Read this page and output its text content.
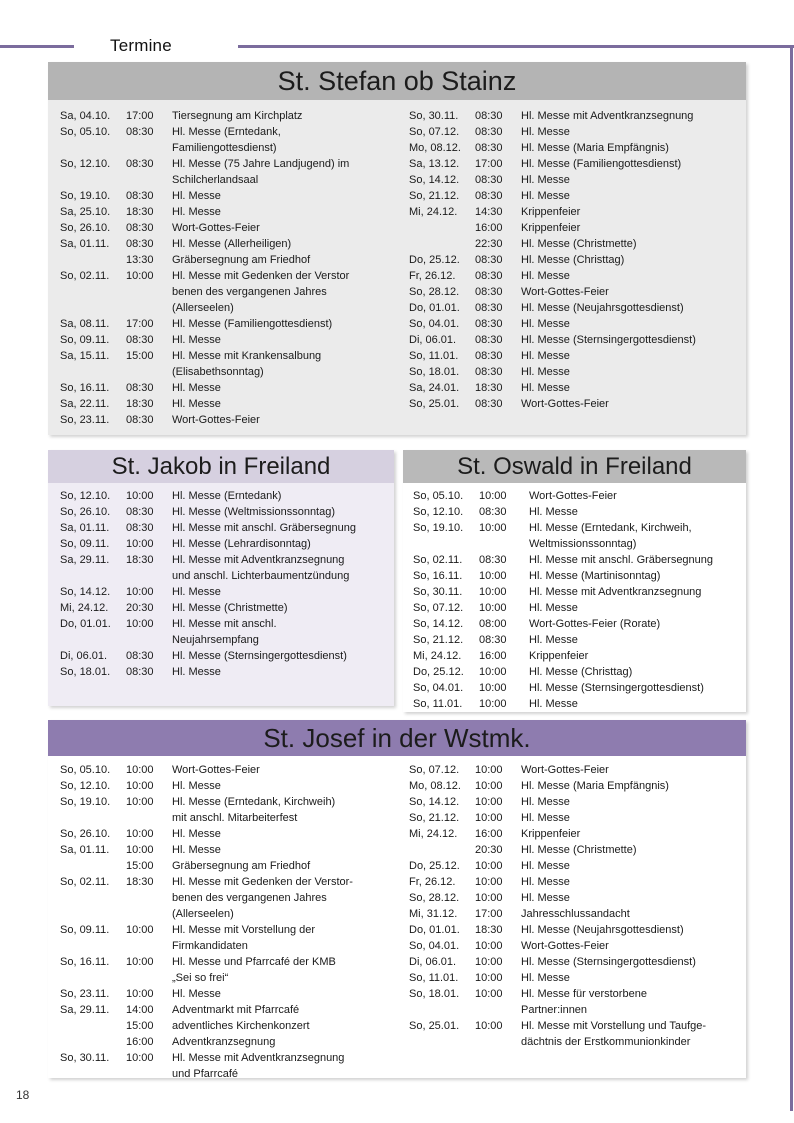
Termine
St. Stefan ob Stainz
Sa, 04.10.	17:00	Tiersegnung am Kirchplatz
So, 05.10.	08:30	Hl. Messe (Erntedank,
Familiengottesdienst)
So, 12.10.	08:30	Hl. Messe (75 Jahre Landjugend) im
Schilcherlandsaal
So, 19.10.	08:30	Hl. Messe
Sa, 25.10.	18:30	Hl. Messe
So, 26.10.	08:30	Wort-Gottes-Feier
Sa, 01.11.	08:30	Hl. Messe (Allerheiligen)
13:30	Gräbersegnung am Friedhof
So, 02.11.	10:00	Hl. Messe mit Gedenken der Verstor
benen des vergangenen Jahres
(Allerseelen)
Sa, 08.11.	17:00	Hl. Messe (Familiengottesdienst)
So, 09.11.	08:30	Hl. Messe
Sa, 15.11.	15:00	Hl. Messe mit Krankensalbung
(Elisabethsonntag)
So, 16.11.	08:30	Hl. Messe
Sa, 22.11.	18:30	Hl. Messe
So, 23.11.	08:30	Wort-Gottes-Feier
So, 30.11.	08:30	Hl. Messe mit Adventkranzsegnung
So, 07.12.	08:30	Hl. Messe
Mo, 08.12.	08:30	Hl. Messe (Maria Empfängnis)
Sa, 13.12.	17:00	Hl. Messe (Familiengottesdienst)
So, 14.12.	08:30	Hl. Messe
So, 21.12.	08:30	Hl. Messe
Mi, 24.12.	14:30	Krippenfeier
16:00	Krippenfeier
22:30	Hl. Messe (Christmette)
Do, 25.12.	08:30	Hl. Messe (Christtag)
Fr, 26.12.	08:30	Hl. Messe
So, 28.12.	08:30	Wort-Gottes-Feier
Do, 01.01.	08:30	Hl. Messe (Neujahrsgottesdienst)
So, 04.01.	08:30	Hl. Messe
Di, 06.01.	08:30	Hl. Messe (Sternsingergottesdienst)
So, 11.01.	08:30	Hl. Messe
So, 18.01.	08:30	Hl. Messe
Sa, 24.01.	18:30	Hl. Messe
So, 25.01.	08:30	Wort-Gottes-Feier
St. Jakob in Freiland
So, 12.10.	10:00	Hl. Messe (Erntedank)
So, 26.10.	08:30	Hl. Messe (Weltmissionssonntag)
Sa, 01.11.	08:30	Hl. Messe mit anschl. Gräbersegnung
So, 09.11.	10:00	Hl. Messe (Lehrardisonntag)
Sa, 29.11.	18:30	Hl. Messe mit Adventkranzsegnung
und anschl. Lichterbaumentzündung
So, 14.12.	10:00	Hl. Messe
Mi, 24.12.	20:30	Hl. Messe (Christmette)
Do, 01.01.	10:00	Hl. Messe mit anschl.
Neujahrsempfang
Di, 06.01.	08:30	Hl. Messe (Sternsingergottesdienst)
So, 18.01.	08:30	Hl. Messe
St. Oswald in Freiland
So, 05.10.	10:00	Wort-Gottes-Feier
So, 12.10.	08:30	Hl. Messe
So, 19.10.	10:00	Hl. Messe (Erntedank, Kirchweih,
Weltmissionssonntag)
So, 02.11.	08:30	Hl. Messe mit anschl. Gräbersegnung
So, 16.11.	10:00	Hl. Messe (Martinisonntag)
So, 30.11.	10:00	Hl. Messe mit Adventkranzsegnung
So, 07.12.	10:00	Hl. Messe
So, 14.12.	08:00	Wort-Gottes-Feier (Rorate)
So, 21.12.	08:30	Hl. Messe
Mi, 24.12.	16:00	Krippenfeier
Do, 25.12.	10:00	Hl. Messe (Christtag)
So, 04.01.	10:00	Hl. Messe (Sternsingergottesdienst)
So, 11.01.	10:00	Hl. Messe
St. Josef in der Wstmk.
So, 05.10.	10:00	Wort-Gottes-Feier
So, 12.10.	10:00	Hl. Messe
So, 19.10.	10:00	Hl. Messe (Erntedank, Kirchweih)
mit anschl. Mitarbeiterfest
So, 26.10.	10:00	Hl. Messe
Sa, 01.11.	10:00	Hl. Messe
15:00	Gräbersegnung am Friedhof
So, 02.11.	18:30	Hl. Messe mit Gedenken der Verstor-
benen des vergangenen Jahres
(Allerseelen)
So, 09.11.	10:00	Hl. Messe mit Vorstellung der
Firmkandidaten
So, 16.11.	10:00	Hl. Messe und Pfarrcafé der KMB
„Sei so frei“
So, 23.11.	10:00	Hl. Messe
Sa, 29.11.	14:00	Adventmarkt mit Pfarrcafé
15:00	adventliches Kirchenkonzert
16:00	Adventkranzsegnung
So, 30.11.	10:00	Hl. Messe mit Adventkranzsegnung
und Pfarrcafé
So, 07.12.	10:00	Wort-Gottes-Feier
Mo, 08.12.	10:00	Hl. Messe (Maria Empfängnis)
So, 14.12.	10:00	Hl. Messe
So, 21.12.	10:00	Hl. Messe
Mi, 24.12.	16:00	Krippenfeier
20:30	Hl. Messe (Christmette)
Do, 25.12.	10:00	Hl. Messe
Fr, 26.12.	10:00	Hl. Messe
So, 28.12.	10:00	Hl. Messe
Mi, 31.12.	17:00	Jahresschlussandacht
Do, 01.01.	18:30	Hl. Messe (Neujahrsgottesdienst)
So, 04.01.	10:00	Wort-Gottes-Feier
Di, 06.01.	10:00	Hl. Messe (Sternsingergottesdienst)
So, 11.01.	10:00	Hl. Messe
So, 18.01.	10:00	Hl. Messe für verstorbene
Partner:innen
So, 25.01.	10:00	Hl. Messe mit Vorstellung und Taufge-
dächtnis der Erstkommunionkinder
18
